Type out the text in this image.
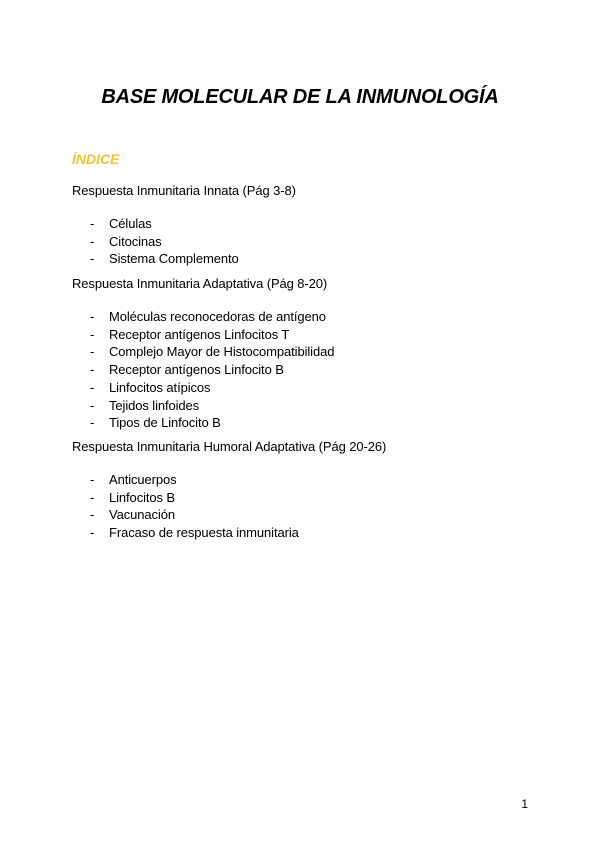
BASE MOLECULAR DE LA INMUNOLOGÍA
ÍNDICE

Respuesta Inmunitaria Innata (Pág 3-8)

- Células
- Citocinas
- Sistema Complemento

Respuesta Inmunitaria Adaptativa (Pág 8-20)

- Moléculas reconocedoras de antígeno
- Receptor antígenos Linfocitos T
- Complejo Mayor de Histocompatibilidad
- Receptor antígenos Linfocito B
- Linfocitos atípicos
- Tejidos linfoides
- Tipos de Linfocito B

Respuesta Inmunitaria Humoral Adaptativa (Pág 20-26)

- Anticuerpos
- Linfocitos B
- Vacunación
- Fracaso de respuesta inmunitaria
1
